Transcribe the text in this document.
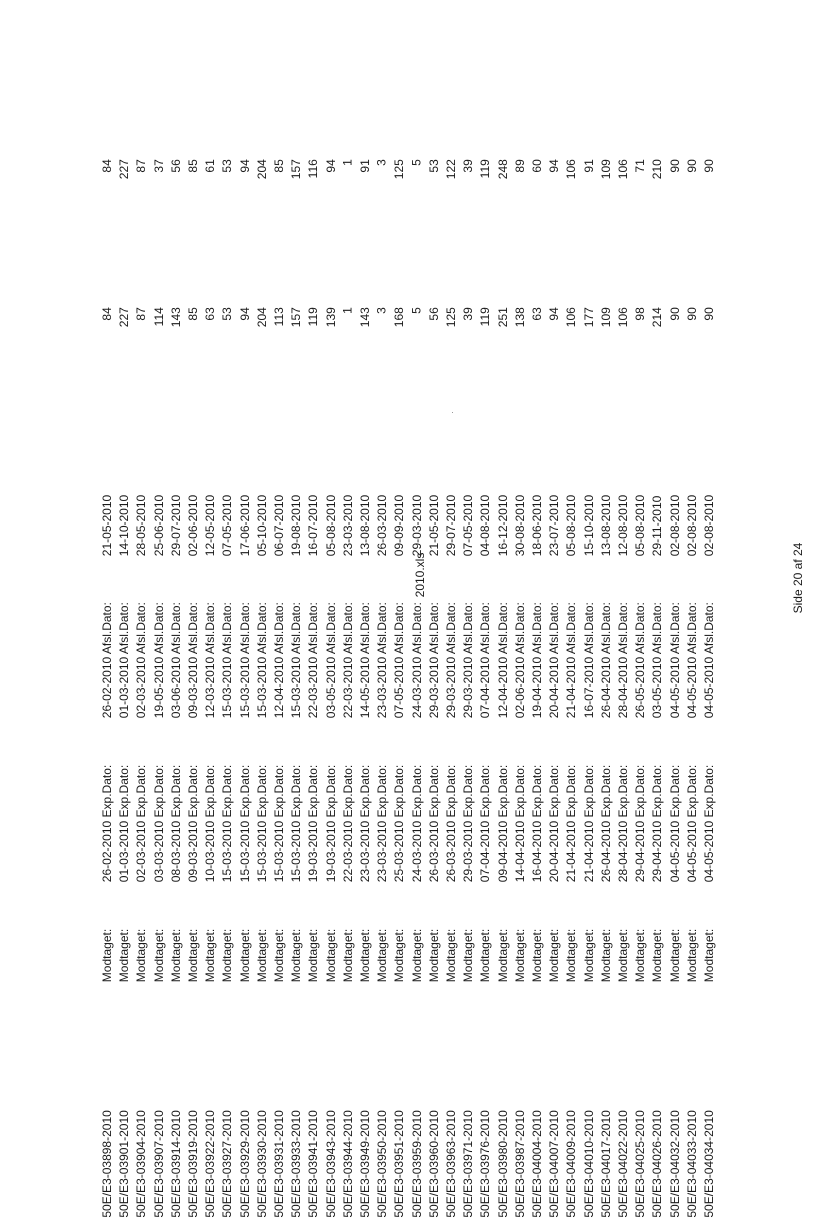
2010.xls	Side 20 af 24
50E/E3-03898-2010
Modtaget:
26-02-2010 Exp.Dato:
26-02-2010 Afsl.Dato:
21-05-2010
84
84
50E/E3-03901-2010
Modtaget:
01-03-2010 Exp.Dato:
01-03-2010 Afsl.Dato:
14-10-2010
227
227
50E/E3-03904-2010
Modtaget:
02-03-2010 Exp.Dato:
02-03-2010 Afsl.Dato:
28-05-2010
87
87
50E/E3-03907-2010
Modtaget:
03-03-2010 Exp.Dato:
19-05-2010 Afsl.Dato:
25-06-2010
114
37
50E/E3-03914-2010
Modtaget:
08-03-2010 Exp.Dato:
03-06-2010 Afsl.Dato:
29-07-2010
143
56
50E/E3-03919-2010
Modtaget:
09-03-2010 Exp.Dato:
09-03-2010 Afsl.Dato:
02-06-2010
85
85
50E/E3-03922-2010
Modtaget:
10-03-2010 Exp.Dato:
12-03-2010 Afsl.Dato:
12-05-2010
63
61
50E/E3-03927-2010
Modtaget:
15-03-2010 Exp.Dato:
15-03-2010 Afsl.Dato:
07-05-2010
53
53
50E/E3-03929-2010
Modtaget:
15-03-2010 Exp.Dato:
15-03-2010 Afsl.Dato:
17-06-2010
94
94
50E/E3-03930-2010
Modtaget:
15-03-2010 Exp.Dato:
15-03-2010 Afsl.Dato:
05-10-2010
204
204
50E/E3-03931-2010
Modtaget:
15-03-2010 Exp.Dato:
12-04-2010 Afsl.Dato:
06-07-2010
113
85
50E/E3-03933-2010
Modtaget:
15-03-2010 Exp.Dato:
15-03-2010 Afsl.Dato:
19-08-2010
157
157
50E/E3-03941-2010
Modtaget:
19-03-2010 Exp.Dato:
22-03-2010 Afsl.Dato:
16-07-2010
119
116
50E/E3-03943-2010
Modtaget:
19-03-2010 Exp.Dato:
03-05-2010 Afsl.Dato:
05-08-2010
139
94
50E/E3-03944-2010
Modtaget:
22-03-2010 Exp.Dato:
22-03-2010 Afsl.Dato:
23-03-2010
1
1
50E/E3-03949-2010
Modtaget:
23-03-2010 Exp.Dato:
14-05-2010 Afsl.Dato:
13-08-2010
143
91
50E/E3-03950-2010
Modtaget:
23-03-2010 Exp.Dato:
23-03-2010 Afsl.Dato:
26-03-2010
3
3
50E/E3-03951-2010
Modtaget:
25-03-2010 Exp.Dato:
07-05-2010 Afsl.Dato:
09-09-2010
168
125
50E/E3-03959-2010
Modtaget:
24-03-2010 Exp.Dato:
24-03-2010 Afsl.Dato:
29-03-2010
5
5
50E/E3-03960-2010
Modtaget:
26-03-2010 Exp.Dato:
29-03-2010 Afsl.Dato:
21-05-2010
56
53
50E/E3-03963-2010
Modtaget:
26-03-2010 Exp.Dato:
29-03-2010 Afsl.Dato:
29-07-2010
125
122
50E/E3-03971-2010
Modtaget:
29-03-2010 Exp.Dato:
29-03-2010 Afsl.Dato:
07-05-2010
39
39
50E/E3-03976-2010
Modtaget:
07-04-2010 Exp.Dato:
07-04-2010 Afsl.Dato:
04-08-2010
119
119
50E/E3-03980-2010
Modtaget:
09-04-2010 Exp.Dato:
12-04-2010 Afsl.Dato:
16-12-2010
251
248
50E/E3-03987-2010
Modtaget:
14-04-2010 Exp.Dato:
02-06-2010 Afsl.Dato:
30-08-2010
138
89
50E/E3-04004-2010
Modtaget:
16-04-2010 Exp.Dato:
19-04-2010 Afsl.Dato:
18-06-2010
63
60
50E/E3-04007-2010
Modtaget:
20-04-2010 Exp.Dato:
20-04-2010 Afsl.Dato:
23-07-2010
94
94
50E/E3-04009-2010
Modtaget:
21-04-2010 Exp.Dato:
21-04-2010 Afsl.Dato:
05-08-2010
106
106
50E/E3-04010-2010
Modtaget:
21-04-2010 Exp.Dato:
16-07-2010 Afsl.Dato:
15-10-2010
177
91
50E/E3-04017-2010
Modtaget:
26-04-2010 Exp.Dato:
26-04-2010 Afsl.Dato:
13-08-2010
109
109
50E/E3-04022-2010
Modtaget:
28-04-2010 Exp.Dato:
28-04-2010 Afsl.Dato:
12-08-2010
106
106
50E/E3-04025-2010
Modtaget:
29-04-2010 Exp.Dato:
26-05-2010 Afsl.Dato:
05-08-2010
98
71
50E/E3-04026-2010
Modtaget:
29-04-2010 Exp.Dato:
03-05-2010 Afsl.Dato:
29-11-2010
214
210
50E/E3-04032-2010
Modtaget:
04-05-2010 Exp.Dato:
04-05-2010 Afsl.Dato:
02-08-2010
90
90
50E/E3-04033-2010
Modtaget:
04-05-2010 Exp.Dato:
04-05-2010 Afsl.Dato:
02-08-2010
90
90
50E/E3-04034-2010
Modtaget:
04-05-2010 Exp.Dato:
04-05-2010 Afsl.Dato:
02-08-2010
90
90
